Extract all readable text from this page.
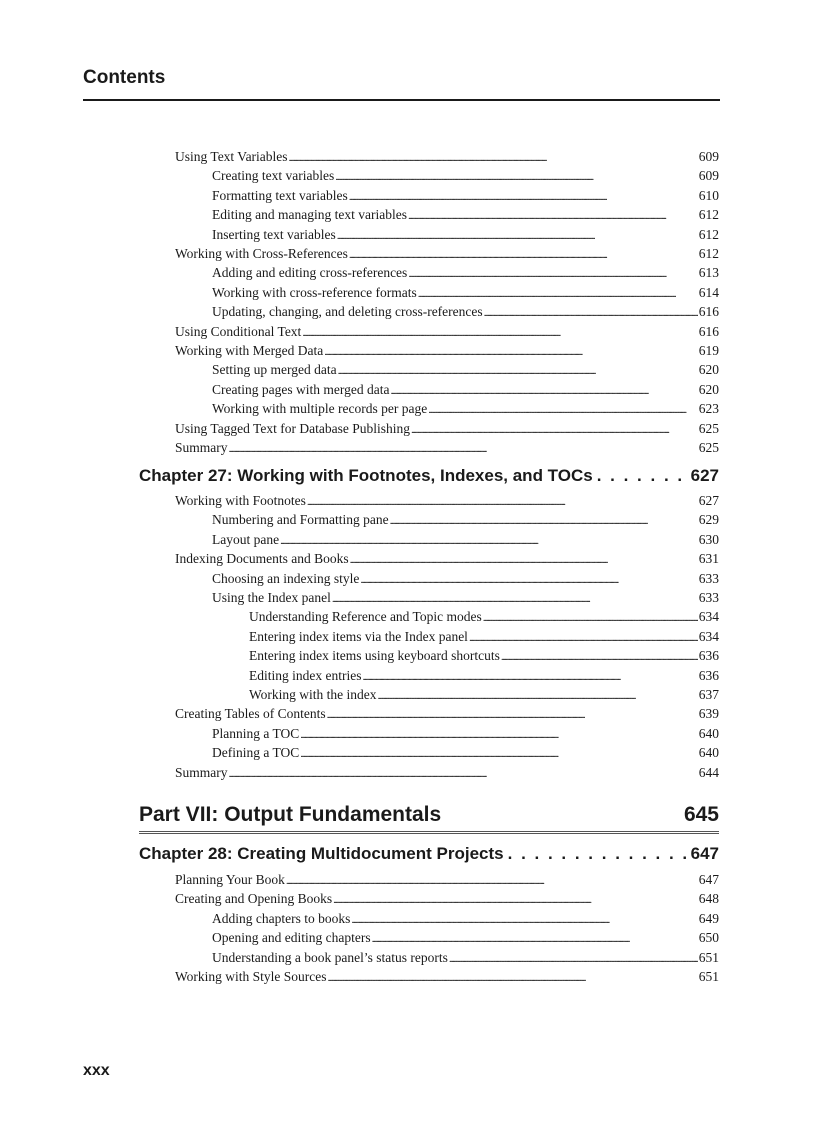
Contents
Using Text Variables . . .	609
Creating text variables . . .	609
Formatting text variables . . .	610
Editing and managing text variables . . .	612
Inserting text variables . . .	612
Working with Cross-References . . .	612
Adding and editing cross-references . . .	613
Working with cross-reference formats . . .	614
Updating, changing, and deleting cross-references . . .	616
Using Conditional Text . . .	616
Working with Merged Data . . .	619
Setting up merged data . . .	620
Creating pages with merged data . . .	620
Working with multiple records per page . . .	623
Using Tagged Text for Database Publishing . . .	625
Summary . . .	625
Chapter 27: Working with Footnotes, Indexes, and TOCs . . .	627
Working with Footnotes . . .	627
Numbering and Formatting pane . . .	629
Layout pane . . .	630
Indexing Documents and Books . . .	631
Choosing an indexing style . . .	633
Using the Index panel . . .	633
Understanding Reference and Topic modes . . .	634
Entering index items via the Index panel . . .	634
Entering index items using keyboard shortcuts . . .	636
Editing index entries . . .	636
Working with the index . . .	637
Creating Tables of Contents . . .	639
Planning a TOC . . .	640
Defining a TOC . . .	640
Summary . . .	644
Part VII: Output Fundamentals	645
Chapter 28: Creating Multidocument Projects . . .	647
Planning Your Book . . .	647
Creating and Opening Books . . .	648
Adding chapters to books . . .	649
Opening and editing chapters . . .	650
Understanding a book panel’s status reports . . .	651
Working with Style Sources . . .	651
xxx
